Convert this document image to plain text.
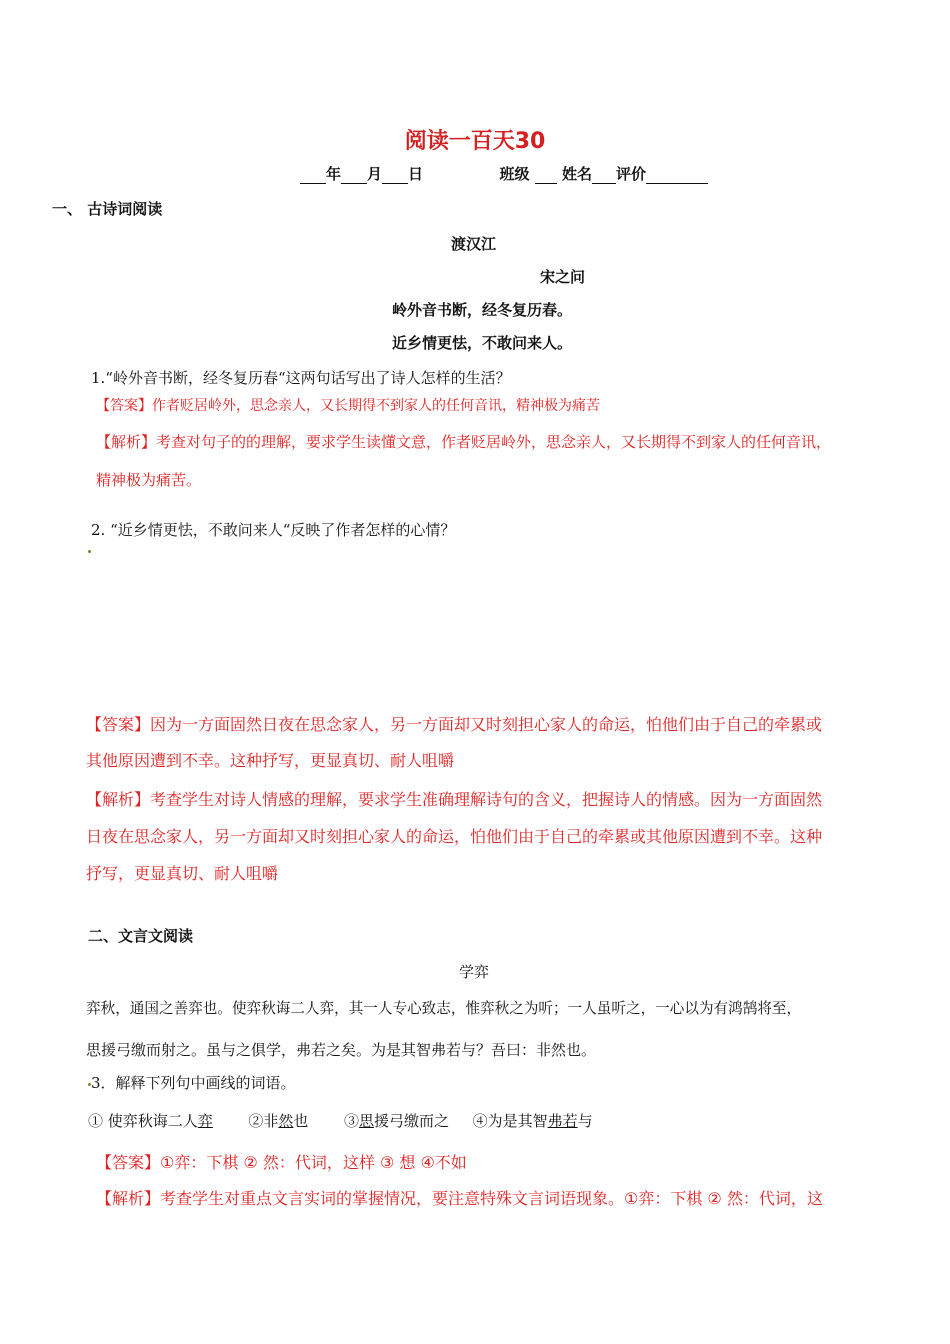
阅读一百天30
年 月 日	班级 姓名 评价
一、 古诗词阅读
渡汉江
宋之问
岭外音书断，经冬复历春。
近乡情更怯，不敢问来人。
1.“岭外音书断，经冬复历春“这两句话写出了诗人怎样的生活？
【答案】作者贬居岭外，思念亲人，又长期得不到家人的任何音讯，精神极为痛苦
【解析】考查对句子的的理解，要求学生读懂文意，作者贬居岭外，思念亲人，又长期得不到家人的任何音讯，
精神极为痛苦。
2. “近乡情更怯，不敢问来人“反映了作者怎样的心情？
【答案】因为一方面固然日夜在思念家人，另一方面却又时刻担心家人的命运，怕他们由于自己的牵累或
其他原因遭到不幸。这种抒写，更显真切、耐人咀嚼
【解析】考查学生对诗人情感的理解，要求学生准确理解诗句的含义，把握诗人的情感。因为一方面固然
日夜在思念家人，另一方面却又时刻担心家人的命运，怕他们由于自己的牵累或其他原因遭到不幸。这种
抒写，更显真切、耐人咀嚼
二、文言文阅读
学弈
弈秋，通国之善弈也。使弈秋诲二人弈，其一人专心致志，惟弈秋之为听；一人虽听之，一心以为有鸿鹄将至，
思援弓缴而射之。虽与之俱学，弗若之矣。为是其智弗若与？吾曰：非然也。
3．解释下列句中画线的词语。
① 使弈秋诲二人弈 ②非然也 ③思援弓缴而之 ④为是其智弗若与
【答案】①弈：下棋 ② 然：代词，这样 ③ 想 ④不如
【解析】考查学生对重点文言实词的掌握情况，要注意特殊文言词语现象。①弈：下棋 ② 然：代词，这
